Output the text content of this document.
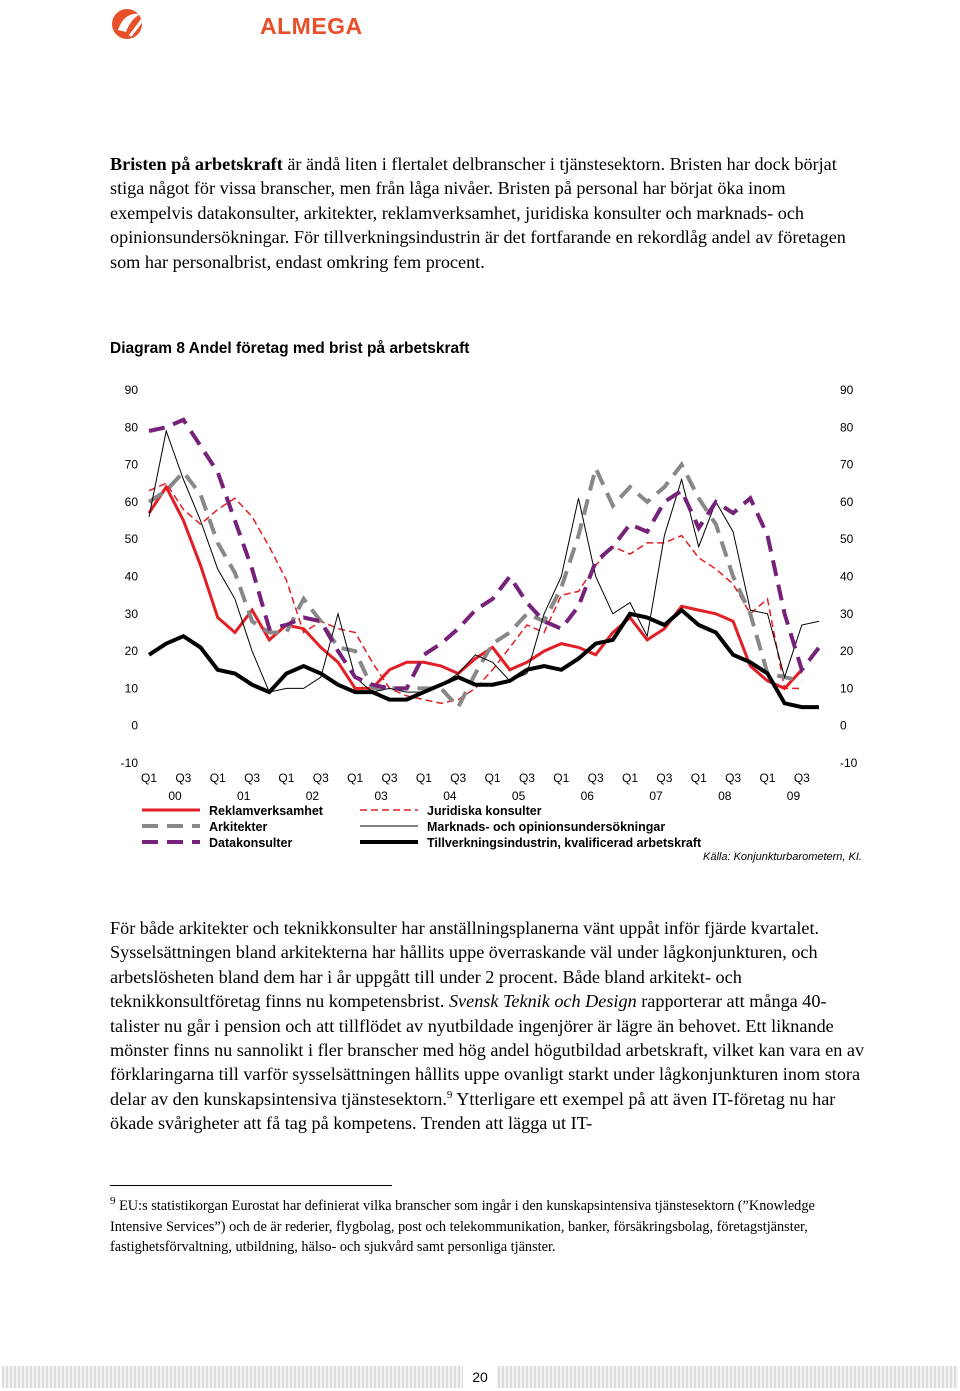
ALMEGA
Bristen på arbetskraft är ändå liten i flertalet delbranscher i tjänstesektorn. Bristen har dock börjat stiga något för vissa branscher, men från låga nivåer. Bristen på personal har börjat öka inom exempelvis datakonsulter, arkitekter, reklamverksamhet, juridiska konsulter och marknads- och opinionsundersökningar. För tillverkningsindustrin är det fortfarande en rekordlåg andel av företagen som har personalbrist, endast omkring fem procent.
Diagram 8 Andel företag med brist på arbetskraft
-10
0
10
20
30
40
50
60
70
80
90
-10
0
10
20
30
40
50
60
70
80
90
Q1 Q3 Q1 Q3 Q1 Q3 Q1 Q3 Q1 Q3 Q1 Q3 Q1 Q3 Q1 Q3 Q1 Q3 Q1 Q3
00	01	02	03	04	05	06	07	08	09
Reklamverksamhet	Juridiska konsulter
Arkitekter	Marknads- och opinionsundersökningar
Datakonsulter	Tillverkningsindustrin, kvalificerad arbetskraft
Källa: Konjunkturbarometern, KI.
För både arkitekter och teknikkonsulter har anställningsplanerna vänt uppåt inför fjärde kvartalet. Sysselsättningen bland arkitekterna har hållits uppe överraskande väl under lågkonjunkturen, och arbetslösheten bland dem har i år uppgått till under 2 procent. Både bland arkitekt- och teknikkonsultföretag finns nu kompetensbrist. Svensk Teknik och Design rapporterar att många 40-talister nu går i pension och att tillflödet av nyutbildade ingenjörer är lägre än behovet. Ett liknande mönster finns nu sannolikt i fler branscher med hög andel högutbildad arbetskraft, vilket kan vara en av förklaringarna till varför sysselsättningen hållits uppe ovanligt starkt under lågkonjunkturen inom stora delar av den kunskapsintensiva tjänstesektorn.$^9$ Ytterligare ett exempel på att även IT-företag nu har ökade svårigheter att få tag på kompetens. Trenden att lägga ut IT-
$^9$ EU:s statistikorgan Eurostat har definierat vilka branscher som ingår i den kunskapsintensiva tjänstesektorn (”Knowledge Intensive Services”) och de är rederier, flygbolag, post och telekommunikation, banker, försäkringsbolag, företagstjänster, fastighetsförvaltning, utbildning, hälso- och sjukvård samt personliga tjänster.
20
